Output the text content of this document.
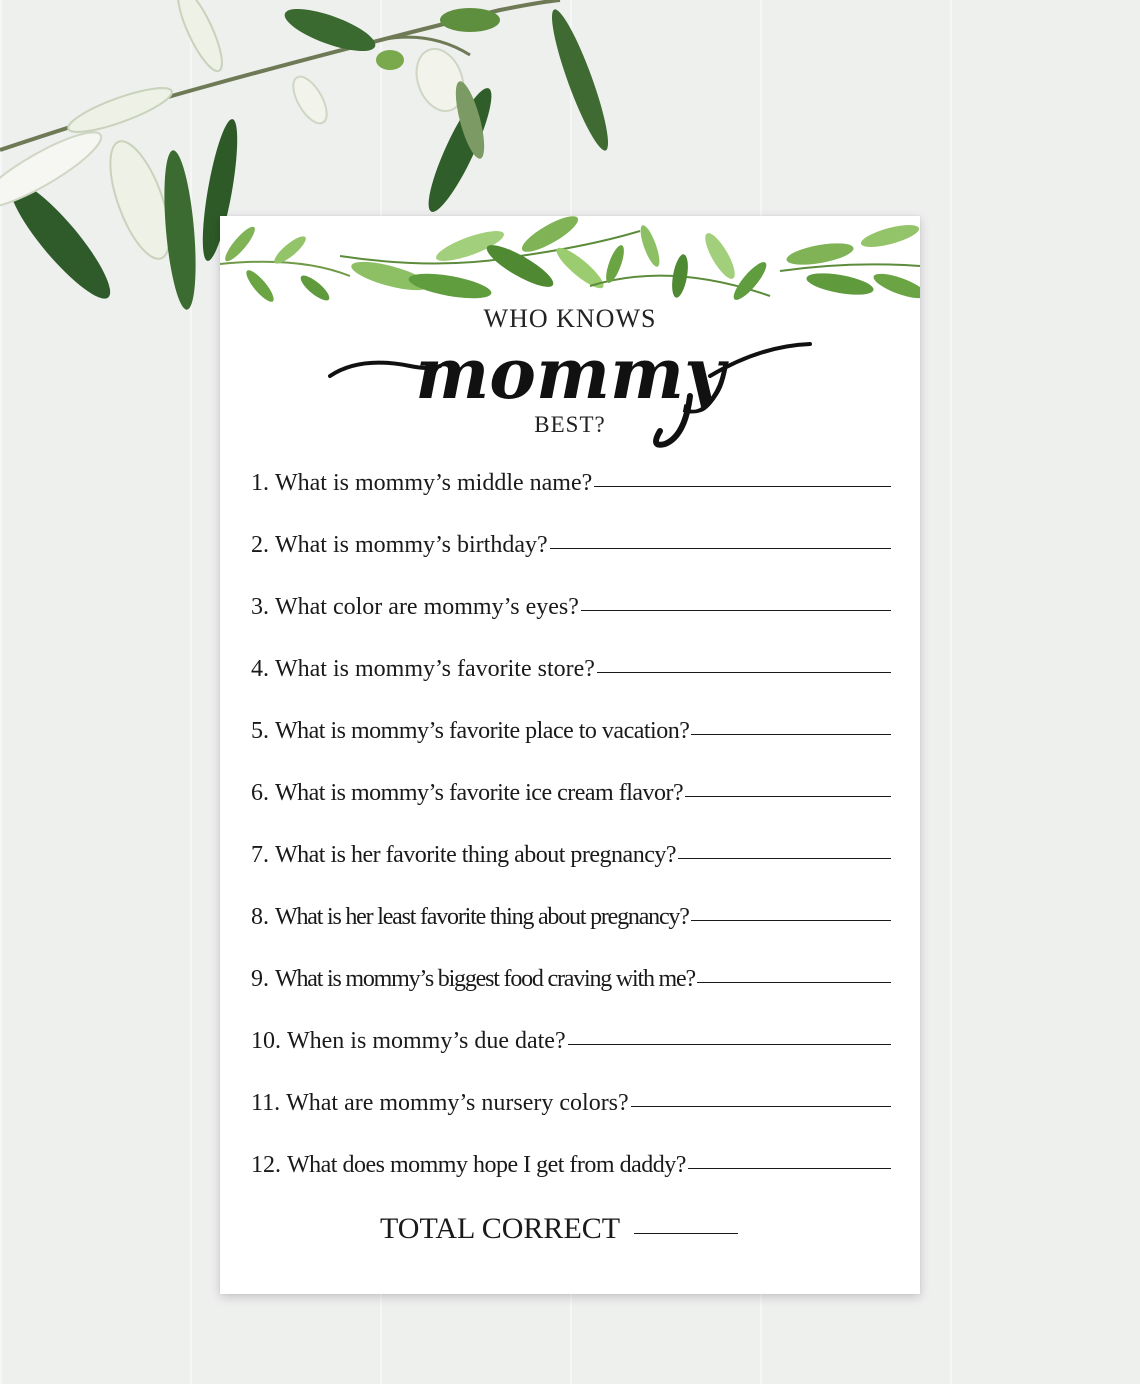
WHO KNOWS
mommy
BEST?
1. What is mommy’s middle name?
2. What is mommy’s birthday?
3. What color are mommy’s eyes?
4. What is mommy’s favorite store?
5. What is mommy’s favorite place to vacation?
6. What is mommy’s favorite ice cream flavor?
7. What is her favorite thing about pregnancy?
8. What is her least favorite thing about pregnancy?
9. What is mommy’s biggest food craving with me?
10. When is mommy’s due date?
11. What are mommy’s nursery colors?
12. What does mommy hope I get from daddy?
TOTAL CORRECT
